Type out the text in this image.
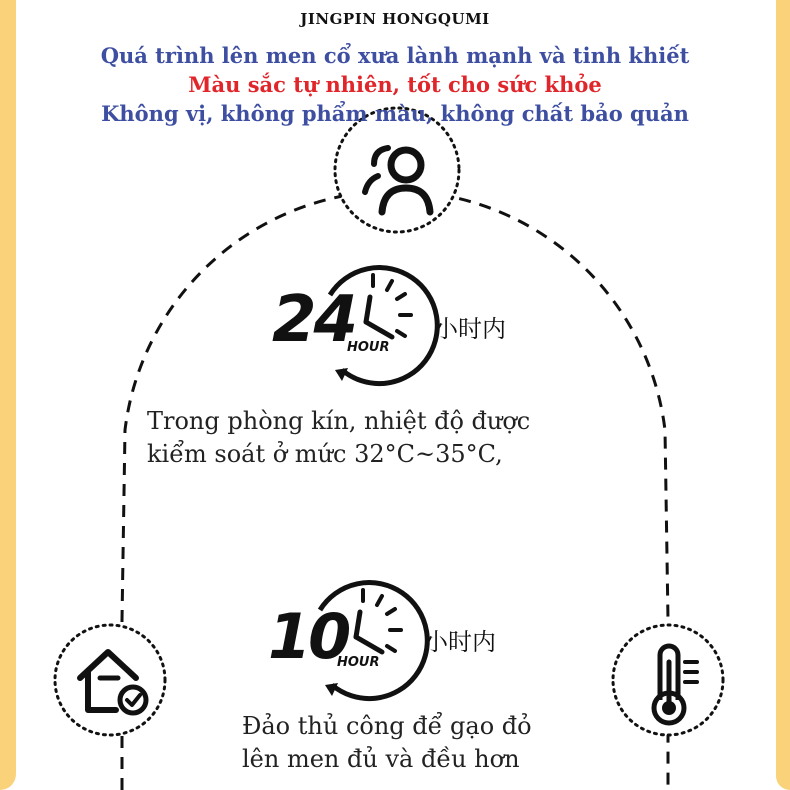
JINGPIN HONGQUMI
Quá trình lên men cổ xưa lành mạnh và tinh khiết
Màu sắc tự nhiên, tốt cho sức khỏe
Không vị, không phẩm màu, không chất bảo quản
24
HOUR
小时内
Trong phòng kín, nhiệt độ được
kiểm soát ở mức 32°C~35°C,
10
HOUR
小时内
Đảo thủ công để gạo đỏ
lên men đủ và đều hơn
